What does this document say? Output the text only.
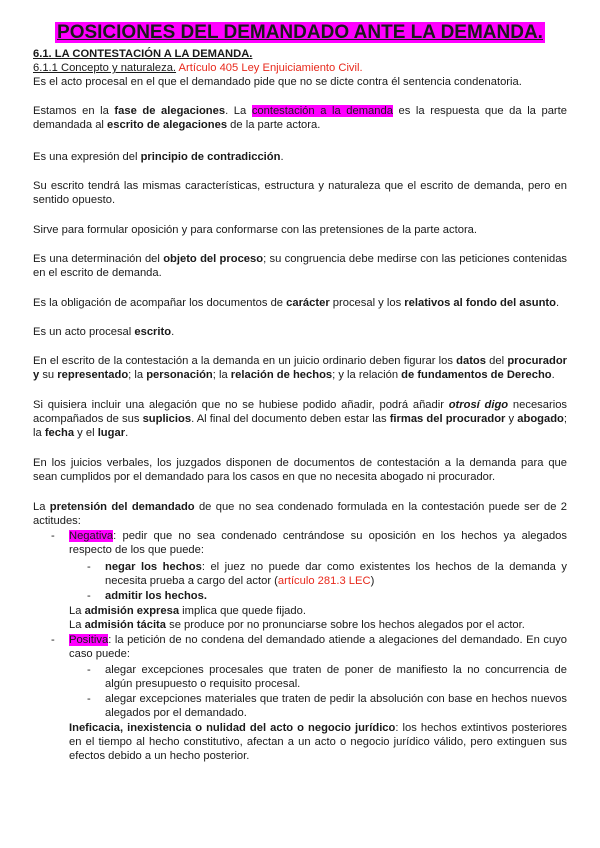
POSICIONES DEL DEMANDADO ANTE LA DEMANDA.

6.1. LA CONTESTACIÓN A LA DEMANDA.

6.1.1 Concepto y naturaleza. Artículo 405 Ley Enjuiciamiento Civil.

Es el acto procesal en el que el demandado pide que no se dicte contra él sentencia condenatoria.

Estamos en la fase de alegaciones. La contestación a la demanda es la respuesta que da la parte demandada al escrito de alegaciones de la parte actora.

Es una expresión del principio de contradicción.

Su escrito tendrá las mismas características, estructura y naturaleza que el escrito de demanda, pero en sentido opuesto.

Sirve para formular oposición y para conformarse con las pretensiones de la parte actora.

Es una determinación del objeto del proceso; su congruencia debe medirse con las peticiones contenidas en el escrito de demanda.

Es la obligación de acompañar los documentos de carácter procesal y los relativos al fondo del asunto.

Es un acto procesal escrito.

En el escrito de la contestación a la demanda en un juicio ordinario deben figurar los datos del procurador y su representado; la personación; la relación de hechos; y la relación de fundamentos de Derecho.

Si quisiera incluir una alegación que no se hubiese podido añadir, podrá añadir otrosí digo necesarios acompañados de sus suplicios. Al final del documento deben estar las firmas del procurador y abogado; la fecha y el lugar.

En los juicios verbales, los juzgados disponen de documentos de contestación a la demanda para que sean cumplidos por el demandado para los casos en que no necesita abogado ni procurador.

La pretensión del demandado de que no sea condenado formulada en la contestación puede ser de 2 actitudes:

- Negativa: pedir que no sea condenado centrándose su oposición en los hechos ya alegados respecto de los que puede:

- negar los hechos: el juez no puede dar como existentes los hechos de la demanda y necesita prueba a cargo del actor (artículo 281.3 LEC)

- admitir los hechos.

La admisión expresa implica que quede fijado.

La admisión tácita se produce por no pronunciarse sobre los hechos alegados por el actor.

- Positiva: la petición de no condena del demandado atiende a alegaciones del demandado. En cuyo caso puede:

- alegar excepciones procesales que traten de poner de manifiesto la no concurrencia de algún presupuesto o requisito procesal.

- alegar excepciones materiales que traten de pedir la absolución con base en hechos nuevos alegados por el demandado.

Ineficacia, inexistencia o nulidad del acto o negocio jurídico: los hechos extintivos posteriores en el tiempo al hecho constitutivo, afectan a un acto o negocio jurídico válido, pero extinguen sus efectos debido a un hecho posterior.
